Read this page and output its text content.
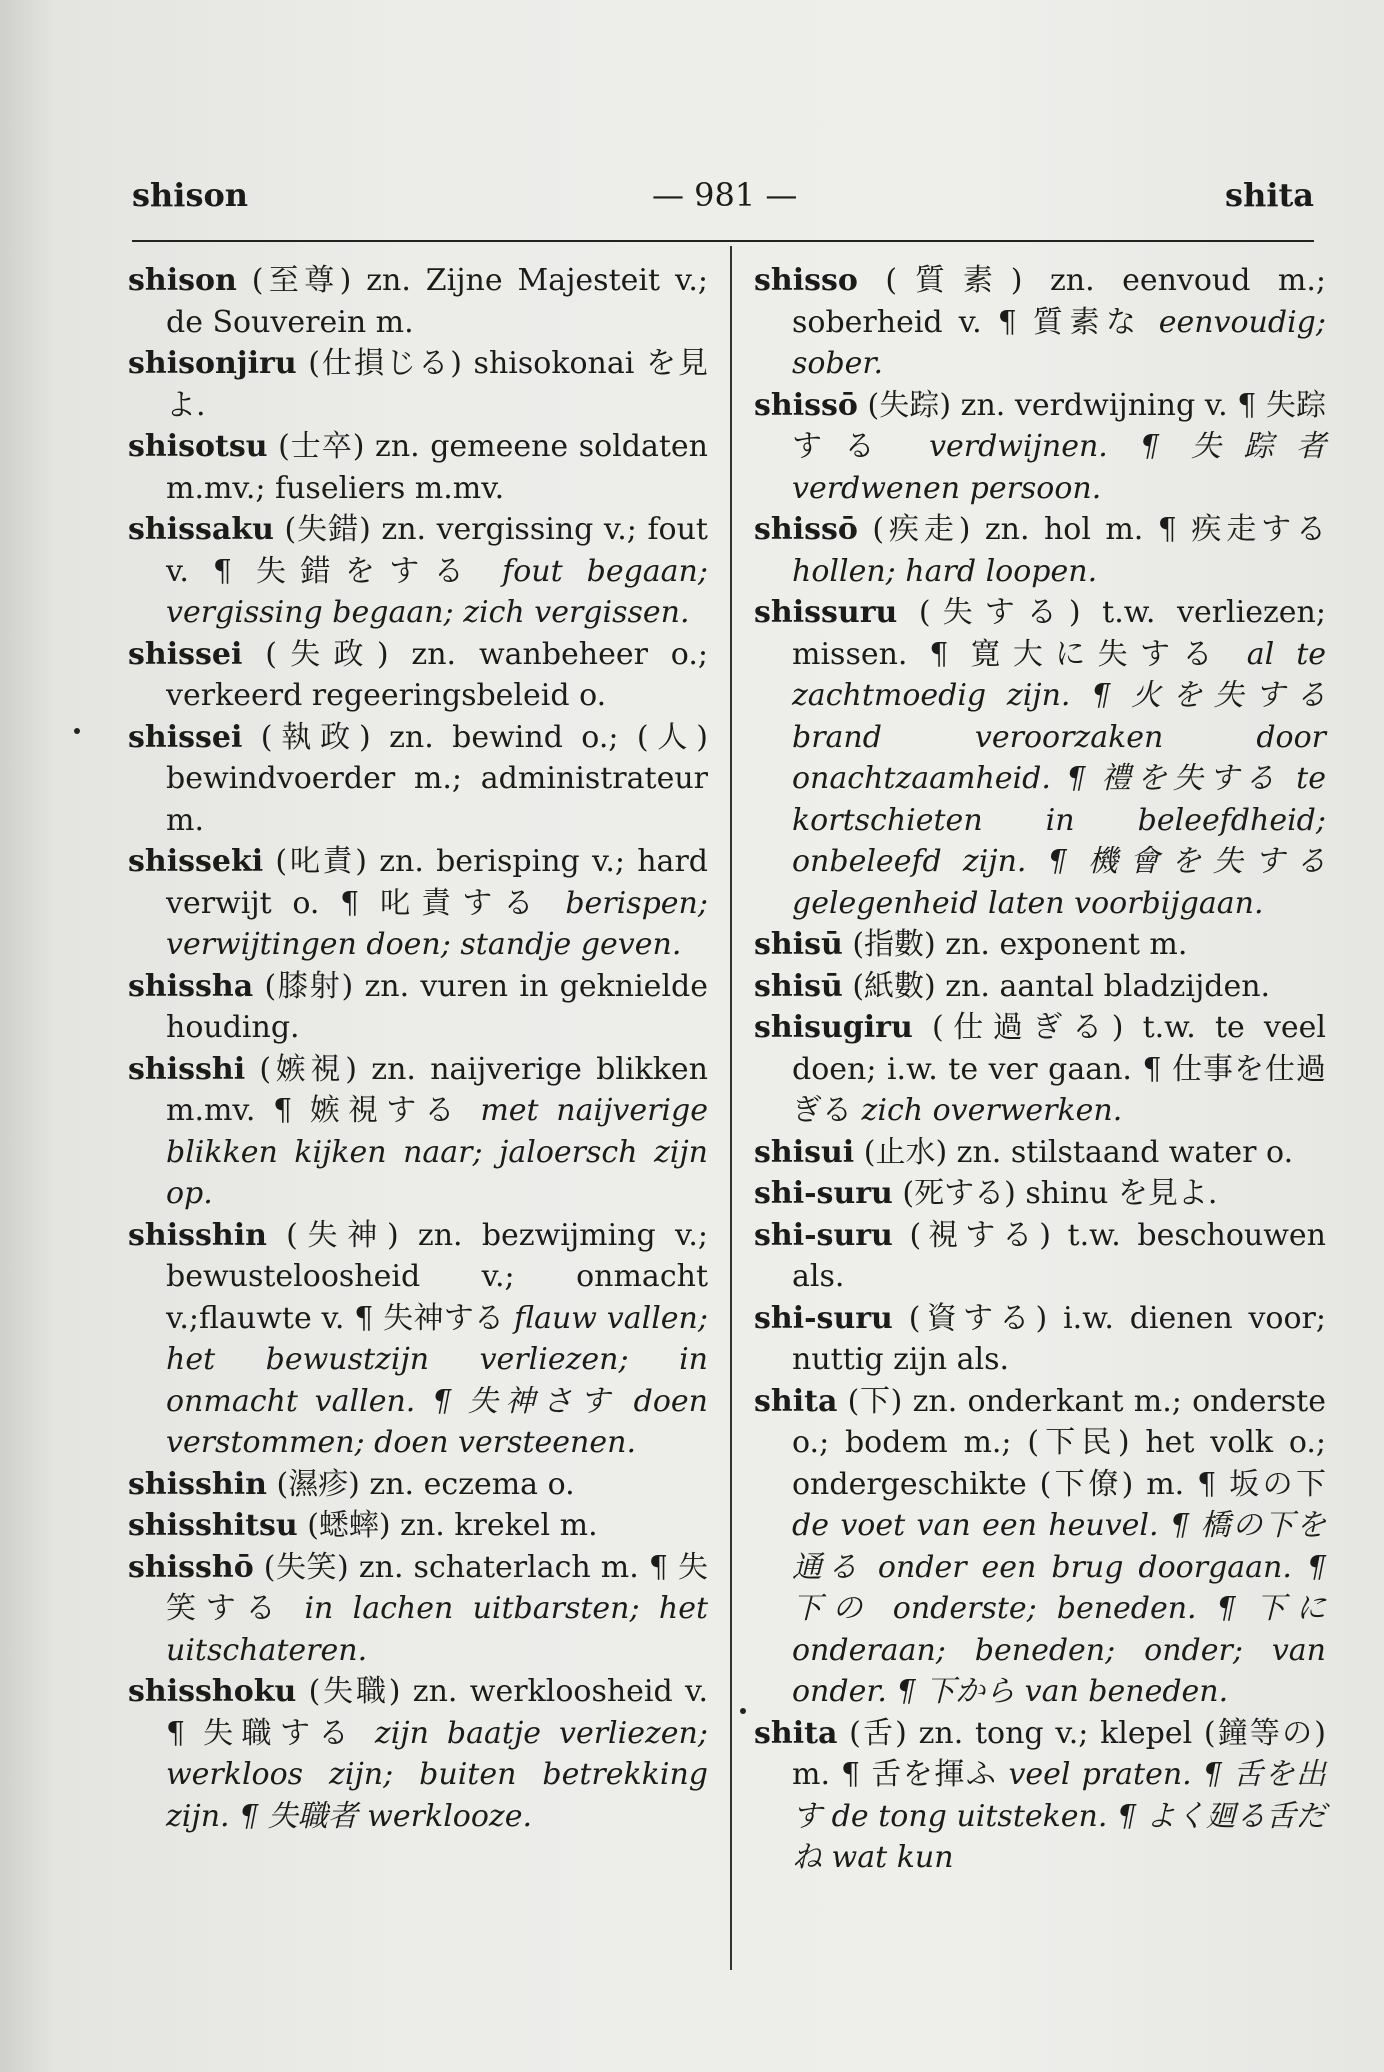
shison	— 981 —	shita

shison (至尊) zn. Zijne Majesteit v.; de Souverein m.

shisonjiru (仕損じる) shisokonai を見よ.

shisotsu (士卒) zn. gemeene soldaten m.mv.; fuseliers m.mv.

shissaku (失錯) zn. vergissing v.; fout v. ¶ 失錯をする fout begaan; vergissing begaan; zich vergissen.

shissei (失政) zn. wanbeheer o.; verkeerd regeeringsbeleid o.

shissei (執政) zn. bewind o.; (人) bewindvoerder m.; administrateur m.

shisseki (叱責) zn. berisping v.; hard verwijt o. ¶ 叱責する berispen; verwijtingen doen; standje geven.

shissha (膝射) zn. vuren in geknielde houding.

shisshi (嫉視) zn. naijverige blikken m.mv. ¶ 嫉視する met naijverige blikken kijken naar; jaloersch zijn op.

shisshin (失神) zn. bezwijming v.; bewusteloosheid v.; onmacht v.;flauwte v. ¶ 失神する flauw vallen; het bewustzijn verliezen; in onmacht vallen. ¶ 失神さす doen verstommen; doen versteenen.

shisshin (濕疹) zn. eczema o.

shisshitsu (蟋蟀) zn. krekel m.

shisshō (失笑) zn. schaterlach m. ¶ 失笑する in lachen uitbarsten; het uitschateren.

shisshoku (失職) zn. werkloosheid v. ¶ 失職する zijn baatje verliezen; werkloos zijn; buiten betrekking zijn. ¶ 失職者 werklooze.

shisso (質素) zn. eenvoud m.; soberheid v. ¶ 質素な eenvoudig; sober.

shissō (失踪) zn. verdwijning v. ¶ 失踪する verdwijnen. ¶ 失踪者 verdwenen persoon.

shissō (疾走) zn. hol m. ¶ 疾走する hollen; hard loopen.

shissuru (失する) t.w. verliezen; missen. ¶ 寛大に失する al te zachtmoedig zijn. ¶ 火を失する brand veroorzaken door onachtzaamheid. ¶ 禮を失する te kortschieten in beleefdheid; onbeleefd zijn. ¶ 機會を失する gelegenheid laten voorbijgaan.

shisū (指數) zn. exponent m.

shisū (紙數) zn. aantal bladzijden.

shisugiru (仕過ぎる) t.w. te veel doen; i.w. te ver gaan. ¶ 仕事を仕過ぎる zich overwerken.

shisui (止水) zn. stilstaand water o.

shi-suru (死する) shinu を見よ.

shi-suru (視する) t.w. beschouwen als.

shi-suru (資する) i.w. dienen voor; nuttig zijn als.

shita (下) zn. onderkant m.; onderste o.; bodem m.; (下民) het volk o.; ondergeschikte (下僚) m. ¶ 坂の下 de voet van een heuvel. ¶ 橋の下を通る onder een brug doorgaan. ¶ 下の onderste; beneden. ¶ 下に onderaan; beneden; onder; van onder. ¶ 下から van beneden.

shita (舌) zn. tong v.; klepel (鐘等の) m. ¶ 舌を揮ふ veel praten. ¶ 舌を出す de tong uitsteken. ¶ よく廻る舌だね wat kun
